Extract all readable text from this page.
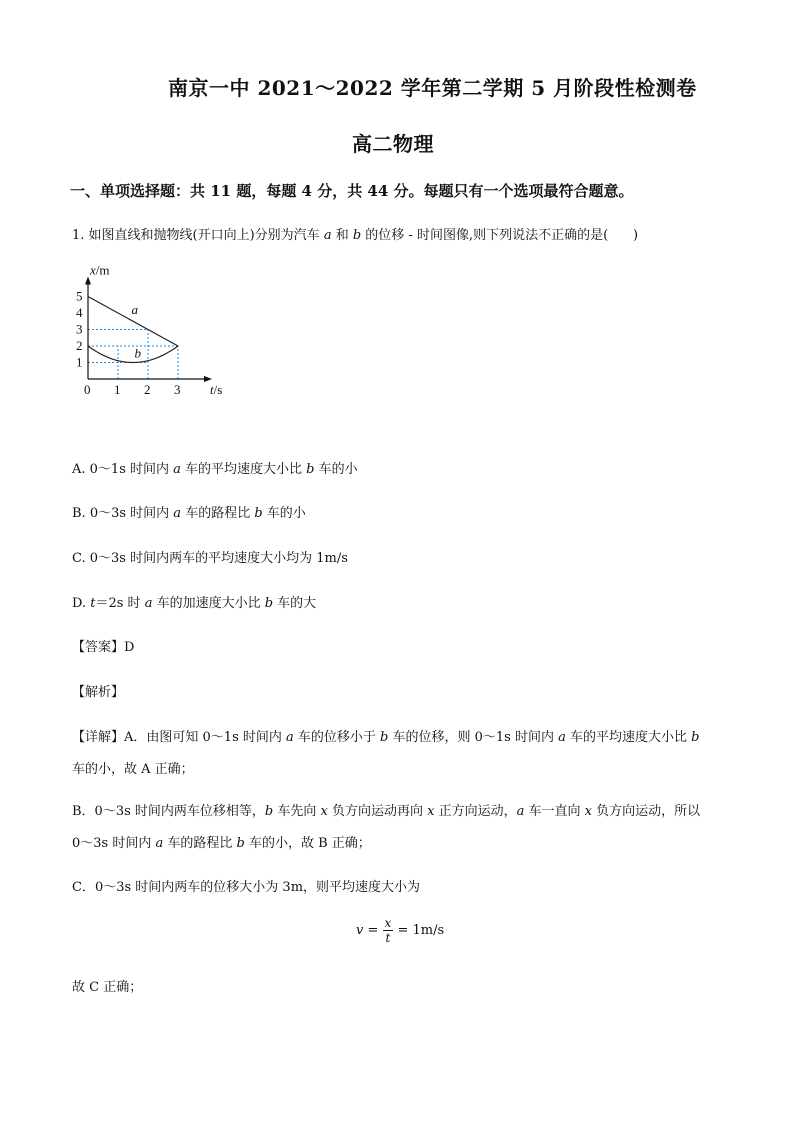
南京一中 2021～2022 学年第二学期 5 月阶段性检测卷
高二物理
一、单项选择题：共 11 题，每题 4 分，共 44 分。每题只有一个选项最符合题意。
1. 如图直线和抛物线(开口向上)分别为汽车 a 和 b 的位移 - 时间图像,则下列说法不正确的是(      )
0 1 2 3
1
2
3
4
5
x/m
t/s
a
b
A. 0～1s 时间内 a 车的平均速度大小比 b 车的小
B. 0～3s 时间内 a 车的路程比 b 车的小
C. 0～3s 时间内两车的平均速度大小均为 1m/s
D. t＝2s 时 a 车的加速度大小比 b 车的大
【答案】D
【解析】
【详解】A．由图可知 0～1s 时间内 a 车的位移小于 b 车的位移，则 0～1s 时间内 a 车的平均速度大小比 b
车的小，故 A 正确；
B．0～3s 时间内两车位移相等，b 车先向 x 负方向运动再向 x 正方向运动，a 车一直向 x 负方向运动，所以
0～3s 时间内 a 车的路程比 b 车的小，故 B 正确；
C．0～3s 时间内两车的位移大小为 3m，则平均速度大小为
$v = \frac{x}{t} = 1m/s$
故 C 正确；
